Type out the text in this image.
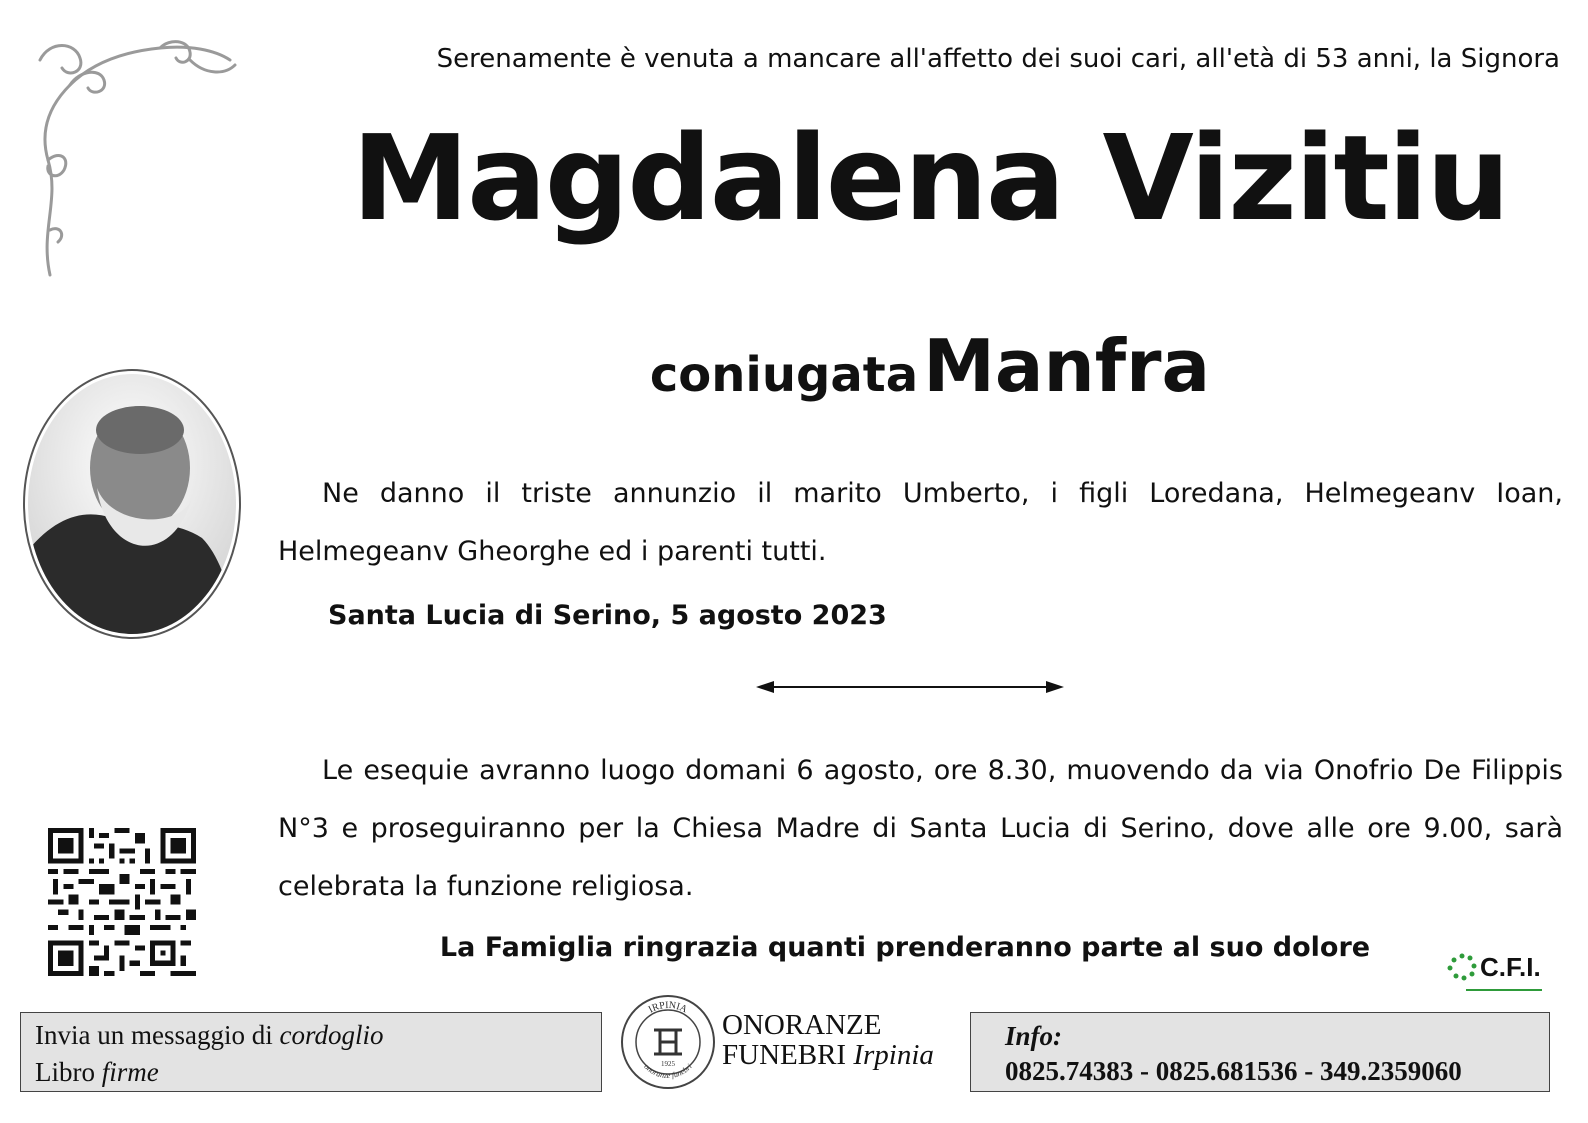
Serenamente è venuta a mancare all'affetto dei suoi cari, all'età di 53 anni, la Signora
Magdalena Vizitiu
coniugata Manfra
Ne danno il triste annunzio il marito Umberto, i figli Loredana, Helmegeanv Ioan, Helmegeanv Gheorghe ed i parenti tutti.
Santa Lucia di Serino, 5 agosto 2023
Le esequie avranno luogo domani 6 agosto, ore 8.30, muovendo da via Onofrio De Filippis N°3 e proseguiranno per la Chiesa Madre di Santa Lucia di Serino, dove alle ore 9.00, sarà celebrata la funzione religiosa.
La Famiglia ringrazia quanti prenderanno parte al suo dolore
C.F.I.
Invia un messaggio di cordoglio
Libro firme
IRPINIA
onoranze funebri
1925
ONORANZE
FUNEBRI Irpinia
Info:
0825.74383 - 0825.681536 - 349.2359060
